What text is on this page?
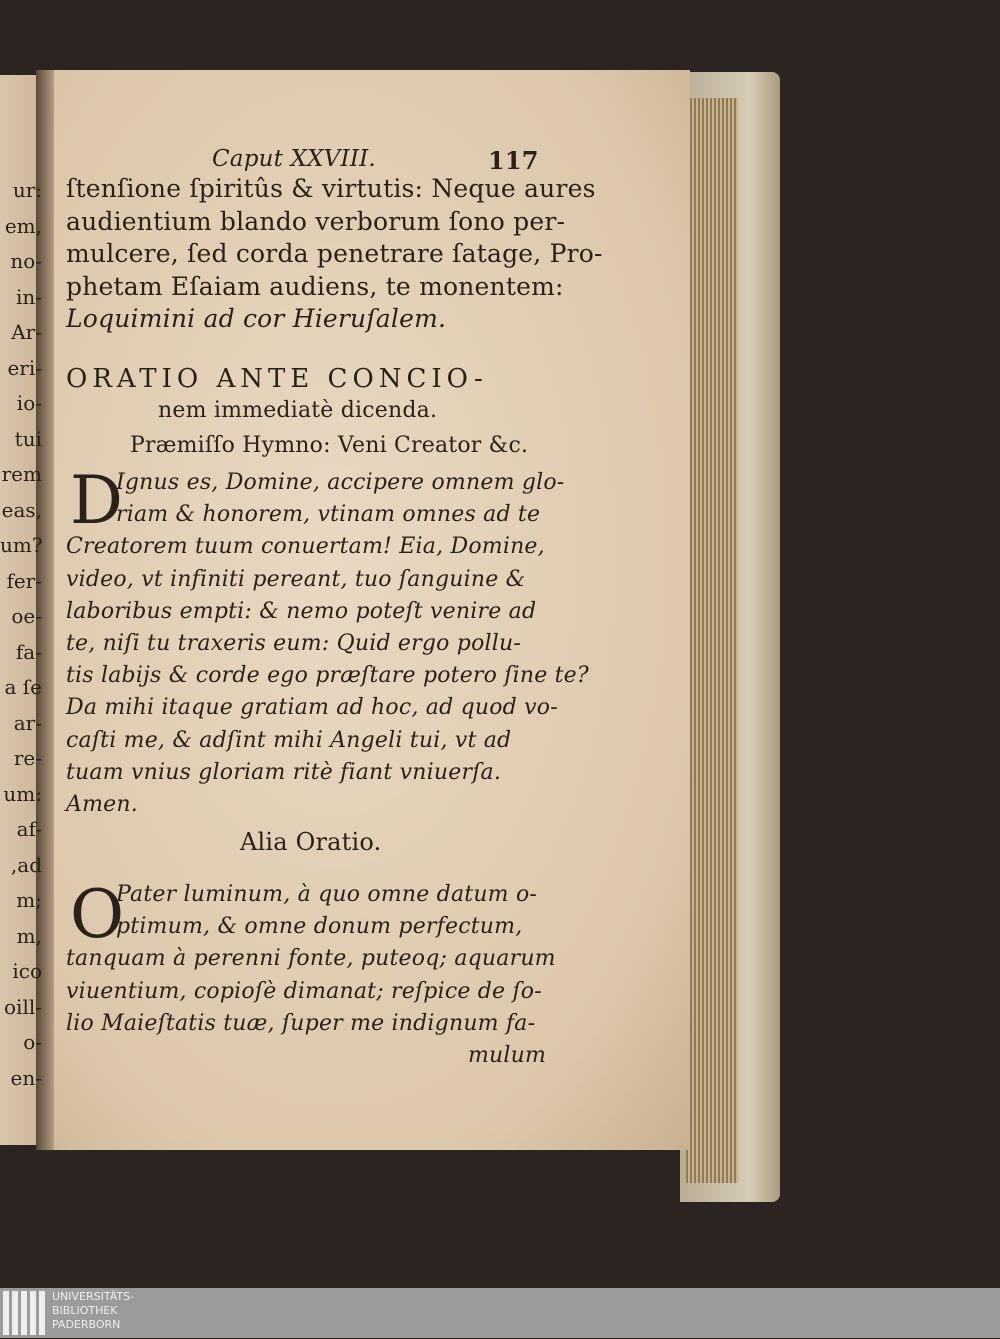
ur:
em,
no-
in-
Ar-
eri-
io-
tui
rem
eas,
um?
fer-
oe-
fa-
a ſe
ar-
re-
um:
af-
,ad
m;
m,
ico
oill-
o-
en-
Caput XXVIII.	117
ſtenſione ſpiritûs & virtutis: Neque aures
audientium blando verborum ſono per-
mulcere, ſed corda penetrare ſatage, Pro-
phetam Eſaiam audiens, te monentem:
Loquimini ad cor Hieruſalem.
ORATIO ANTE CONCIO-
nem immediatè dicenda.
Præmiſſo Hymno: Veni Creator &c.
D
Ignus es, Domine, accipere omnem glo-
riam & honorem, vtinam omnes ad te
Creatorem tuum conuertam! Eia, Domine,
video, vt infiniti pereant, tuo ſanguine &
laboribus empti: & nemo poteſt venire ad
te, niſi tu traxeris eum: Quid ergo pollu-
tis labijs & corde ego præſtare potero ſine te?
Da mihi itaque gratiam ad hoc, ad quod vo-
caſti me, & adſint mihi Angeli tui, vt ad
tuam vnius gloriam ritè fiant vniuerſa.
Amen.
Alia Oratio.
O
Pater luminum, à quo omne datum o-
ptimum, & omne donum perfectum,
tanquam à perenni fonte, puteoq; aquarum
viuentium, copioſè dimanat; reſpice de ſo-
lio Maieſtatis tuæ, ſuper me indignum fa-
mulum
UNIVERSITÄTS-
BIBLIOTHEK
PADERBORN
